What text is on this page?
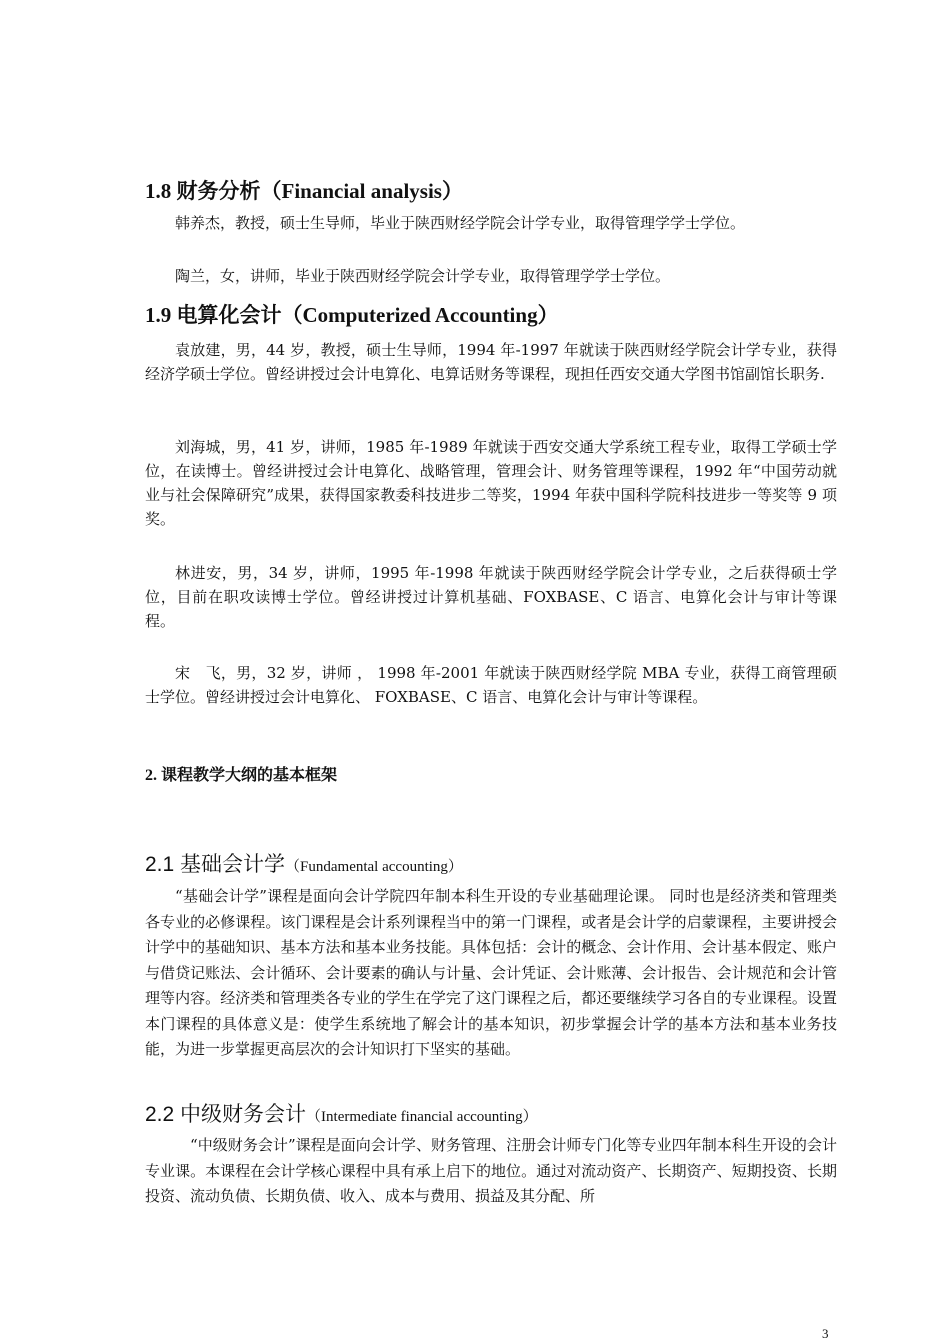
1.8 财务分析（Financial analysis）

韩养杰，教授，硕士生导师，毕业于陕西财经学院会计学专业，取得管理学学士学位。

陶兰，女，讲师，毕业于陕西财经学院会计学专业，取得管理学学士学位。

1.9 电算化会计（Computerized Accounting）

袁放建，男，44 岁，教授，硕士生导师，1994 年-1997 年就读于陕西财经学院会计学专业，获得经济学硕士学位。曾经讲授过会计电算化、电算话财务等课程，现担任西安交通大学图书馆副馆长职务.

刘海城，男，41 岁，讲师，1985 年-1989 年就读于西安交通大学系统工程专业，取得工学硕士学位，在读博士。曾经讲授过会计电算化、战略管理，管理会计、财务管理等课程，1992 年“中国劳动就业与社会保障研究”成果，获得国家教委科技进步二等奖，1994 年获中国科学院科技进步一等奖等 9 项奖。

林进安，男，34 岁，讲师，1995 年-1998 年就读于陕西财经学院会计学专业，之后获得硕士学位，目前在职攻读博士学位。曾经讲授过计算机基础、FOXBASE、C 语言、电算化会计与审计等课程。

宋　飞，男，32 岁，讲师 ， 1998 年-2001 年就读于陕西财经学院 MBA 专业，获得工商管理硕士学位。曾经讲授过会计电算化、 FOXBASE、C 语言、电算化会计与审计等课程。

2. 课程教学大纲的基本框架
2.1 基础会计学（Fundamental accounting）

“基础会计学”课程是面向会计学院四年制本科生开设的专业基础理论课。 同时也是经济类和管理类各专业的必修课程。该门课程是会计系列课程当中的第一门课程，或者是会计学的启蒙课程，主要讲授会计学中的基础知识、基本方法和基本业务技能。具体包括：会计的概念、会计作用、会计基本假定、账户与借贷记账法、会计循环、会计要素的确认与计量、会计凭证、会计账薄、会计报告、会计规范和会计管理等内容。经济类和管理类各专业的学生在学完了这门课程之后，都还要继续学习各自的专业课程。设置本门课程的具体意义是：使学生系统地了解会计的基本知识，初步掌握会计学的基本方法和基本业务技能，为进一步掌握更高层次的会计知识打下坚实的基础。

2.2 中级财务会计（Intermediate financial accounting）

“中级财务会计”课程是面向会计学、财务管理、注册会计师专门化等专业四年制本科生开设的会计专业课。本课程在会计学核心课程中具有承上启下的地位。通过对流动资产、长期资产、短期投资、长期投资、流动负债、长期负债、收入、成本与费用、损益及其分配、所

3
